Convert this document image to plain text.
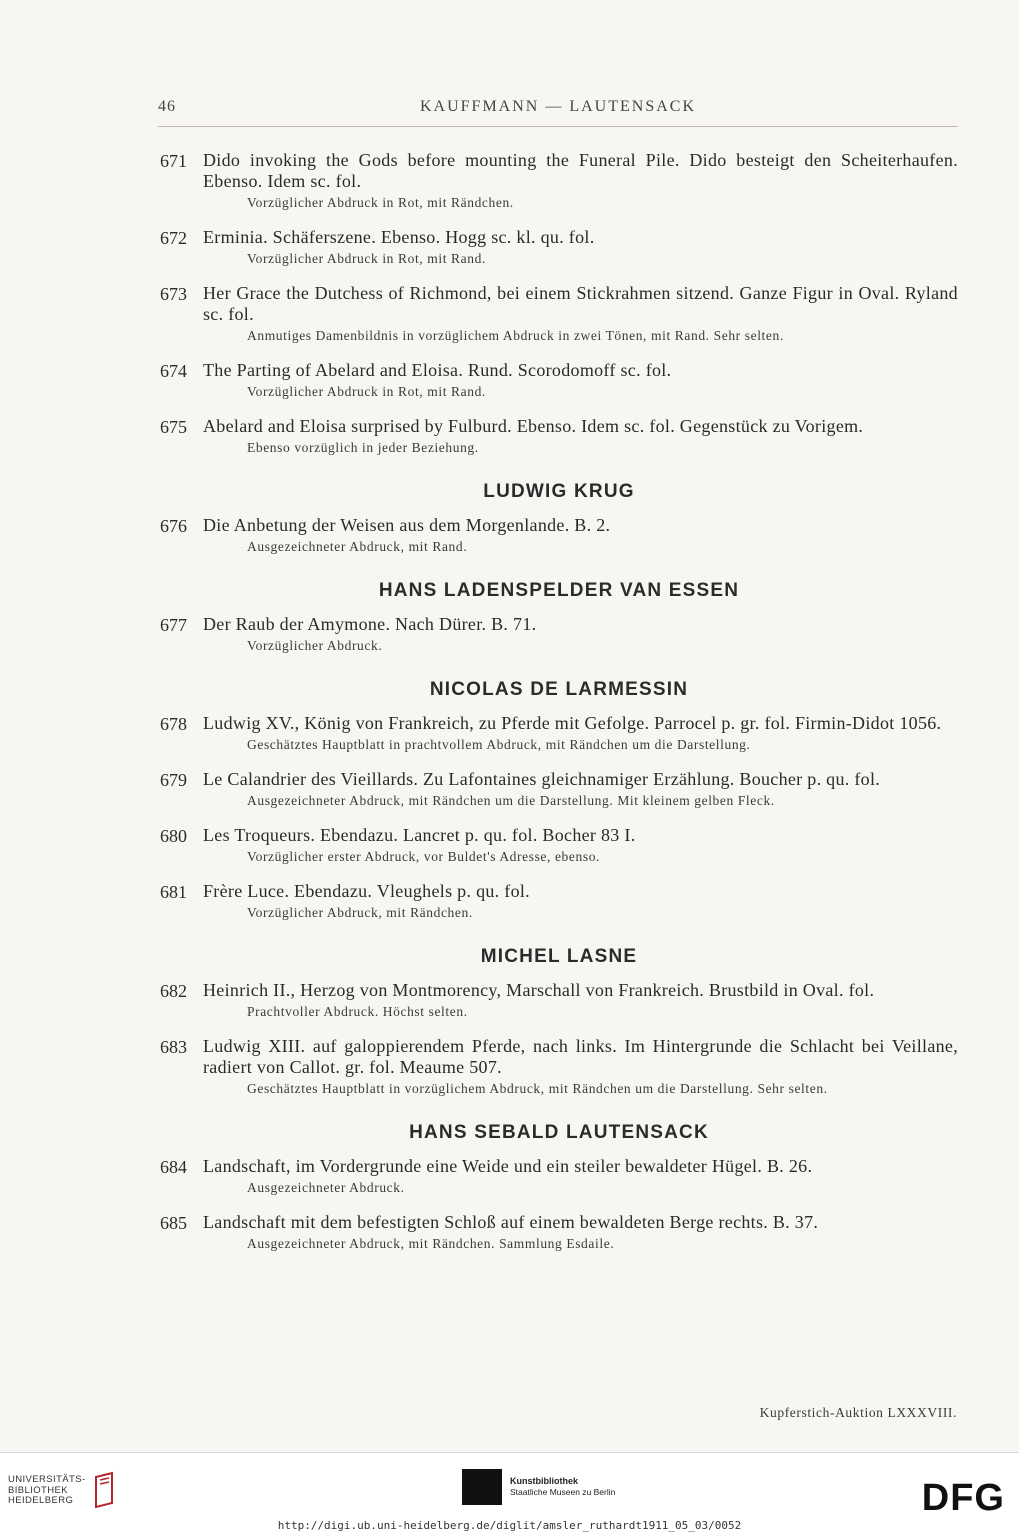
46	KAUFFMANN — LAUTENSACK
671 Dido invoking the Gods before mounting the Funeral Pile. Dido besteigt den Scheiterhaufen. Ebenso. Idem sc. fol.
Vorzüglicher Abdruck in Rot, mit Rändchen.
672 Erminia. Schäferszene. Ebenso. Hogg sc. kl. qu. fol.
Vorzüglicher Abdruck in Rot, mit Rand.
673 Her Grace the Dutchess of Richmond, bei einem Stickrahmen sitzend. Ganze Figur in Oval. Ryland sc. fol.
Anmutiges Damenbildnis in vorzüglichem Abdruck in zwei Tönen, mit Rand. Sehr selten.
674 The Parting of Abelard and Eloisa. Rund. Scorodomoff sc. fol.
Vorzüglicher Abdruck in Rot, mit Rand.
675 Abelard and Eloisa surprised by Fulburd. Ebenso. Idem sc. fol. Gegenstück zu Vorigem.
Ebenso vorzüglich in jeder Beziehung.
LUDWIG KRUG
676 Die Anbetung der Weisen aus dem Morgenlande. B. 2.
Ausgezeichneter Abdruck, mit Rand.
HANS LADENSPELDER VAN ESSEN
677 Der Raub der Amymone. Nach Dürer. B. 71.
Vorzüglicher Abdruck.
NICOLAS DE LARMESSIN
678 Ludwig XV., König von Frankreich, zu Pferde mit Gefolge. Parrocel p. gr. fol. Firmin-Didot 1056.
Geschätztes Hauptblatt in prachtvollem Abdruck, mit Rändchen um die Darstellung.
679 Le Calandrier des Vieillards. Zu Lafontaines gleichnamiger Erzählung. Boucher p. qu. fol.
Ausgezeichneter Abdruck, mit Rändchen um die Darstellung. Mit kleinem gelben Fleck.
680 Les Troqueurs. Ebendazu. Lancret p. qu. fol. Bocher 83 I.
Vorzüglicher erster Abdruck, vor Buldet's Adresse, ebenso.
681 Frère Luce. Ebendazu. Vleughels p. qu. fol.
Vorzüglicher Abdruck, mit Rändchen.
MICHEL LASNE
682 Heinrich II., Herzog von Montmorency, Marschall von Frankreich. Brustbild in Oval. fol.
Prachtvoller Abdruck. Höchst selten.
683 Ludwig XIII. auf galoppierendem Pferde, nach links. Im Hintergrunde die Schlacht bei Veillane, radiert von Callot. gr. fol. Meaume 507.
Geschätztes Hauptblatt in vorzüglichem Abdruck, mit Rändchen um die Darstellung. Sehr selten.
HANS SEBALD LAUTENSACK
684 Landschaft, im Vordergrunde eine Weide und ein steiler bewaldeter Hügel. B. 26.
Ausgezeichneter Abdruck.
685 Landschaft mit dem befestigten Schloß auf einem bewaldeten Berge rechts. B. 37.
Ausgezeichneter Abdruck, mit Rändchen. Sammlung Esdaile.
Kupferstich-Auktion LXXXVIII.
UNIVERSITÄTS-
BIBLIOTHEK
HEIDELBERG
Kunstbibliothek
Staatliche Museen zu Berlin	DFG
http://digi.ub.uni-heidelberg.de/diglit/amsler_ruthardt1911_05_03/0052
